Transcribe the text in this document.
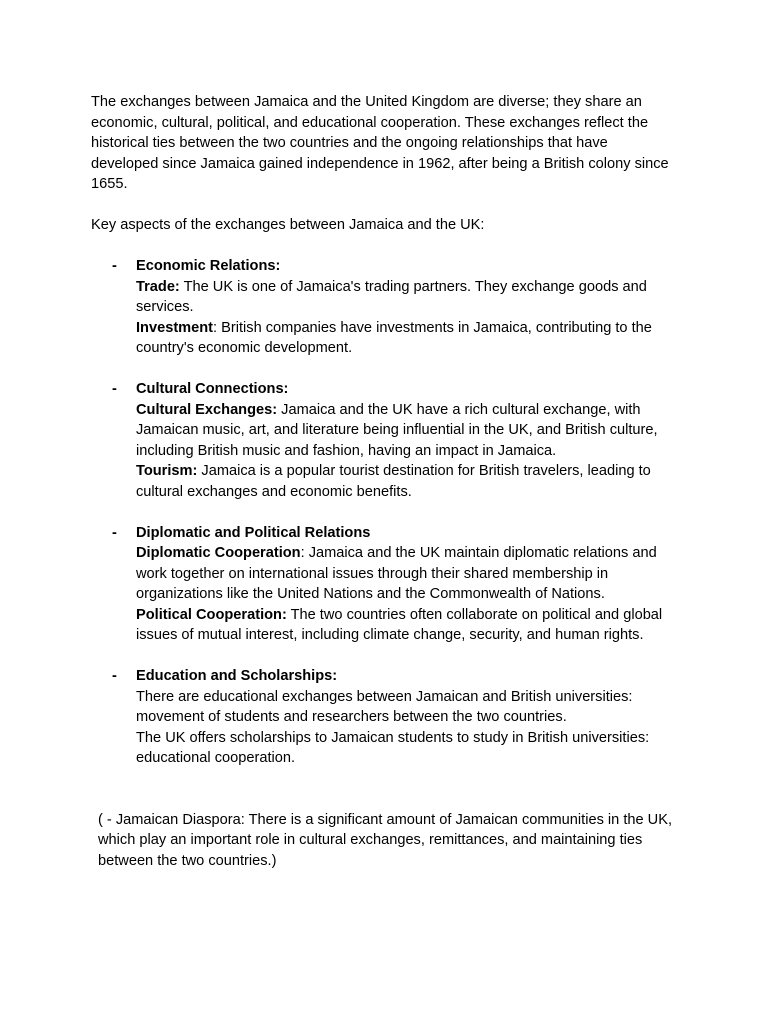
The exchanges between Jamaica and the United Kingdom are diverse; they share an economic, cultural, political, and educational cooperation. These exchanges reflect the historical ties between the two countries and the ongoing relationships that have developed since Jamaica gained independence in 1962, after being a British colony since 1655.

Key aspects of the exchanges between Jamaica and the UK:

- Economic Relations:

Trade: The UK is one of Jamaica's trading partners. They exchange goods and services.

Investment: British companies have investments in Jamaica, contributing to the country's economic development.

- Cultural Connections:

Cultural Exchanges: Jamaica and the UK have a rich cultural exchange, with Jamaican music, art, and literature being influential in the UK, and British culture, including British music and fashion, having an impact in Jamaica.

Tourism: Jamaica is a popular tourist destination for British travelers, leading to cultural exchanges and economic benefits.

- Diplomatic and Political Relations

Diplomatic Cooperation: Jamaica and the UK maintain diplomatic relations and work together on international issues through their shared membership in organizations like the United Nations and the Commonwealth of Nations.

Political Cooperation: The two countries often collaborate on political and global issues of mutual interest, including climate change, security, and human rights.

- Education and Scholarships:

There are educational exchanges between Jamaican and British universities: movement of students and researchers between the two countries.

The UK offers scholarships to Jamaican students to study in British universities: educational cooperation.

( - Jamaican Diaspora: There is a significant amount of Jamaican communities in the UK, which play an important role in cultural exchanges, remittances, and maintaining ties between the two countries.)
